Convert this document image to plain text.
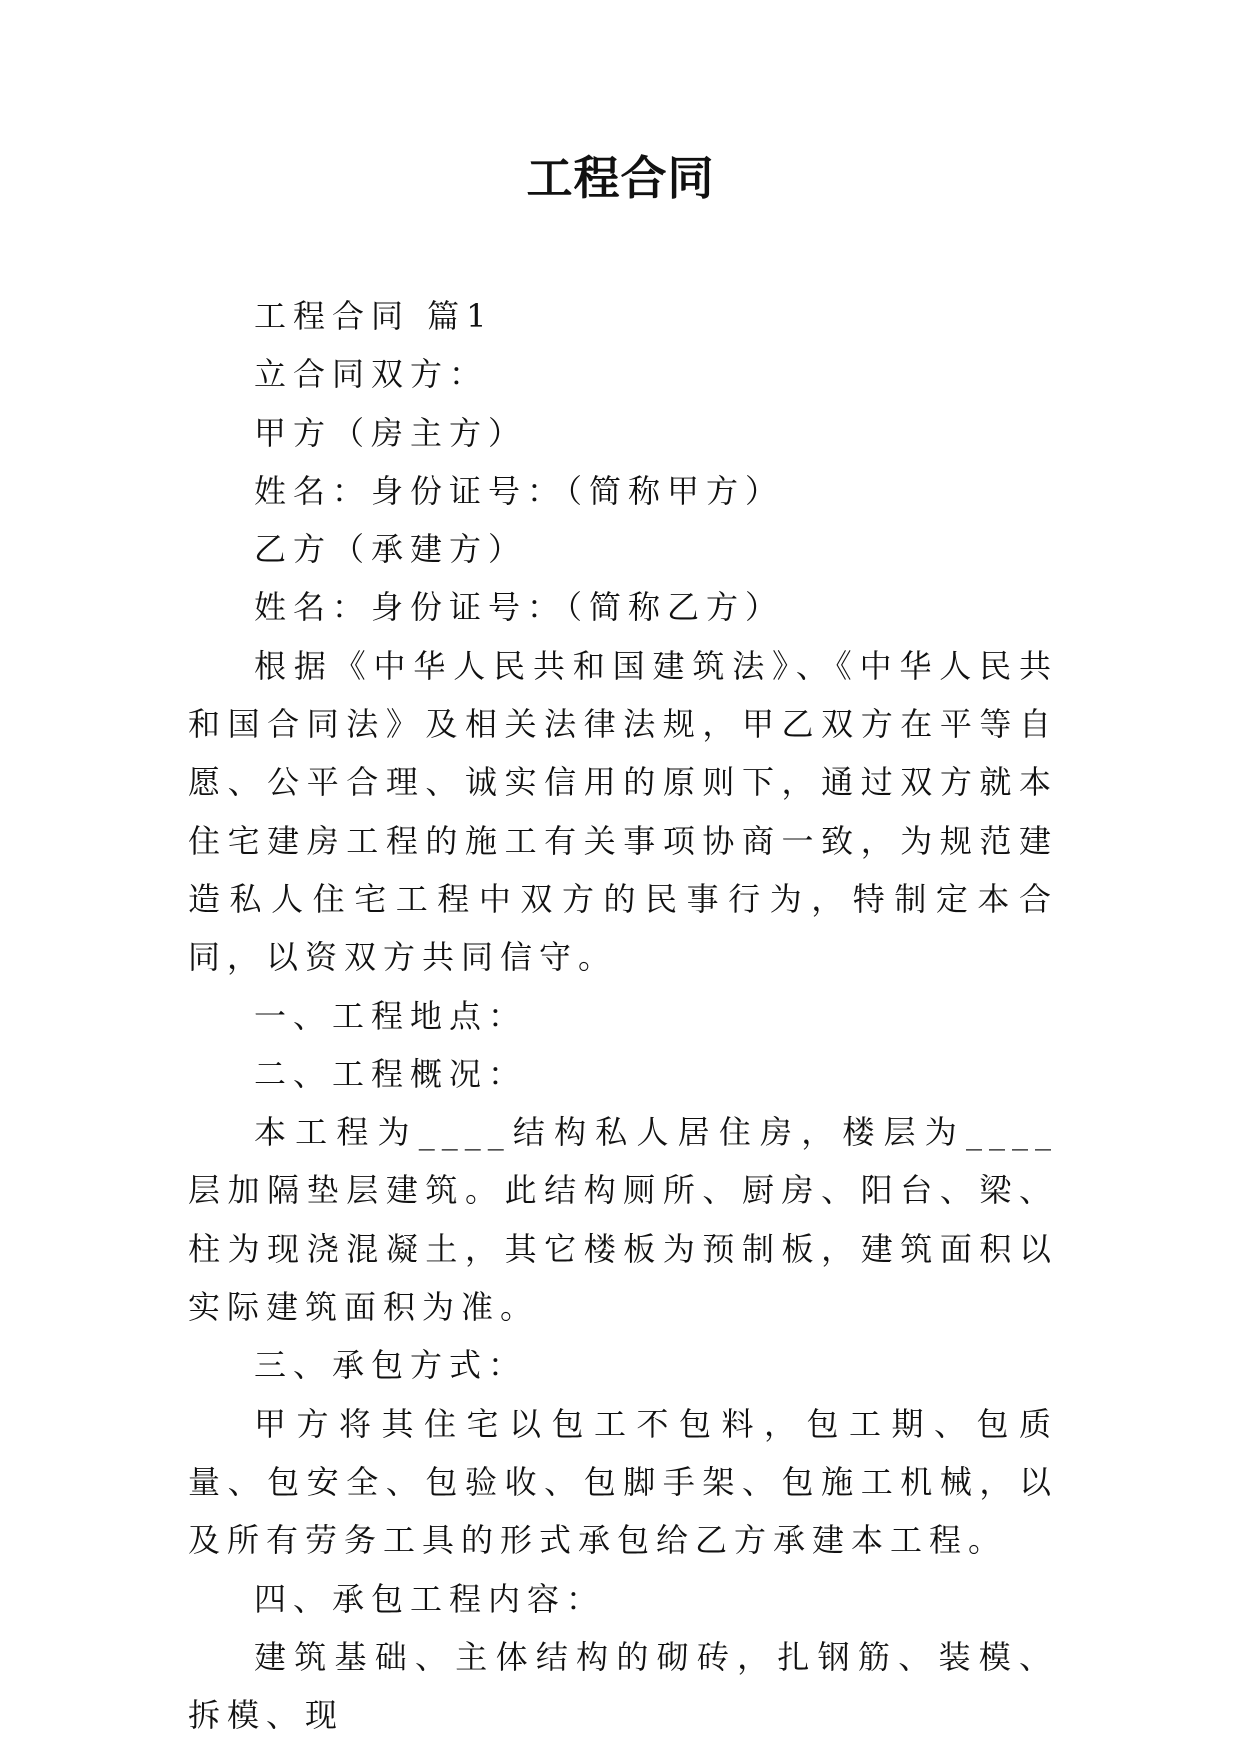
工程合同

工程合同 篇1

立合同双方：

甲方（房主方）

姓名：身份证号：（简称甲方）

乙方（承建方）

姓名：身份证号：（简称乙方）

根据《中华人民共和国建筑法》、《中华人民共和国合同法》及相关法律法规，甲乙双方在平等自愿、公平合理、诚实信用的原则下，通过双方就本住宅建房工程的施工有关事项协商一致，为规范建造私人住宅工程中双方的民事行为，特制定本合同，以资双方共同信守。

一、工程地点：

二、工程概况：

本工程为____结构私人居住房，楼层为____层加隔垫层建筑。此结构厕所、厨房、阳台、梁、柱为现浇混凝土，其它楼板为预制板，建筑面积以实际建筑面积为准。

三、承包方式：

甲方将其住宅以包工不包料，包工期、包质量、包安全、包验收、包脚手架、包施工机械，以及所有劳务工具的形式承包给乙方承建本工程。

四、承包工程内容：

建筑基础、主体结构的砌砖，扎钢筋、装模、拆模、现
